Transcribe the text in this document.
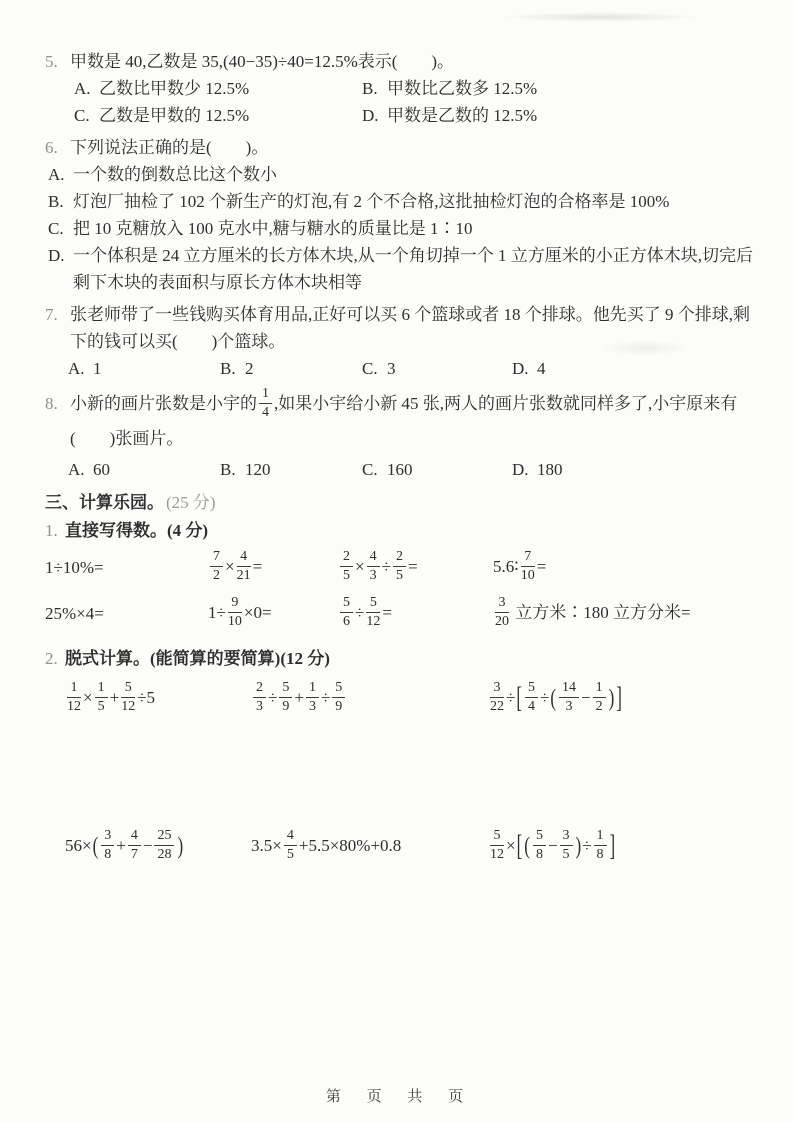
5. 甲数是 40,乙数是 35,(40−35)÷40=12.5%表示(　　)。
A. 乙数比甲数少 12.5%	B. 甲数比乙数多 12.5%
C. 乙数是甲数的 12.5%	D. 甲数是乙数的 12.5%
6. 下列说法正确的是(　　)。
A. 一个数的倒数总比这个数小
B. 灯泡厂抽检了 102 个新生产的灯泡,有 2 个不合格,这批抽检灯泡的合格率是 100%
C. 把 10 克糖放入 100 克水中,糖与糖水的质量比是 1∶10
D. 一个体积是 24 立方厘米的长方体木块,从一个角切掉一个 1 立方厘米的小正方体木块,切完后剩下木块的表面积与原长方体木块相等
7. 张老师带了一些钱购买体育用品,正好可以买 6 个篮球或者 18 个排球。他先买了 9 个排球,剩下的钱可以买(　　)个篮球。
A. 1	B. 2	C. 3	D. 4
8. 小新的画片张数是小宇的 $\frac{1}{4}$ ,如果小宇给小新 45 张,两人的画片张数就同样多了,小宇原来有(　　)张画片。
A. 60	B. 120	C. 160	D. 180
三、计算乐园。 (25 分)
1. 直接写得数。(4 分)
1÷10%=	$\frac{7}{2} \times \frac{4}{21}$ =	$\frac{2}{5} \times \frac{4}{3} \div \frac{2}{5}$ =	5.6∶ $\frac{7}{10}$ =
25%×4=	$1\div \frac{9}{10} \times 0=$	$\frac{5}{6} \div \frac{5}{12}$ =	$\frac{3}{20}$ 立方米∶180 立方分米=
2. 脱式计算。(能简算的要简算)(12 分)
$\frac{1}{12} \times \frac{1}{5} + \frac{5}{12} \div 5$	$\frac{2}{3} \div \frac{5}{9} + \frac{1}{3} \div \frac{5}{9}$	$\frac{3}{22}$ ÷[ $\frac{5}{4}$ ÷( $\frac{14}{3} - \frac{1}{2}$ ) ]
$56\times( \frac{3}{8} + \frac{4}{7} - \frac{25}{28}$ )	$3.5\times \frac{4}{5} +5.5\times 80\%+0.8$	$\frac{5}{12}$ ×[ ( $\frac{5}{8} - \frac{3}{5}$ )÷ $\frac{1}{8}$ ]
第 页 共 页
